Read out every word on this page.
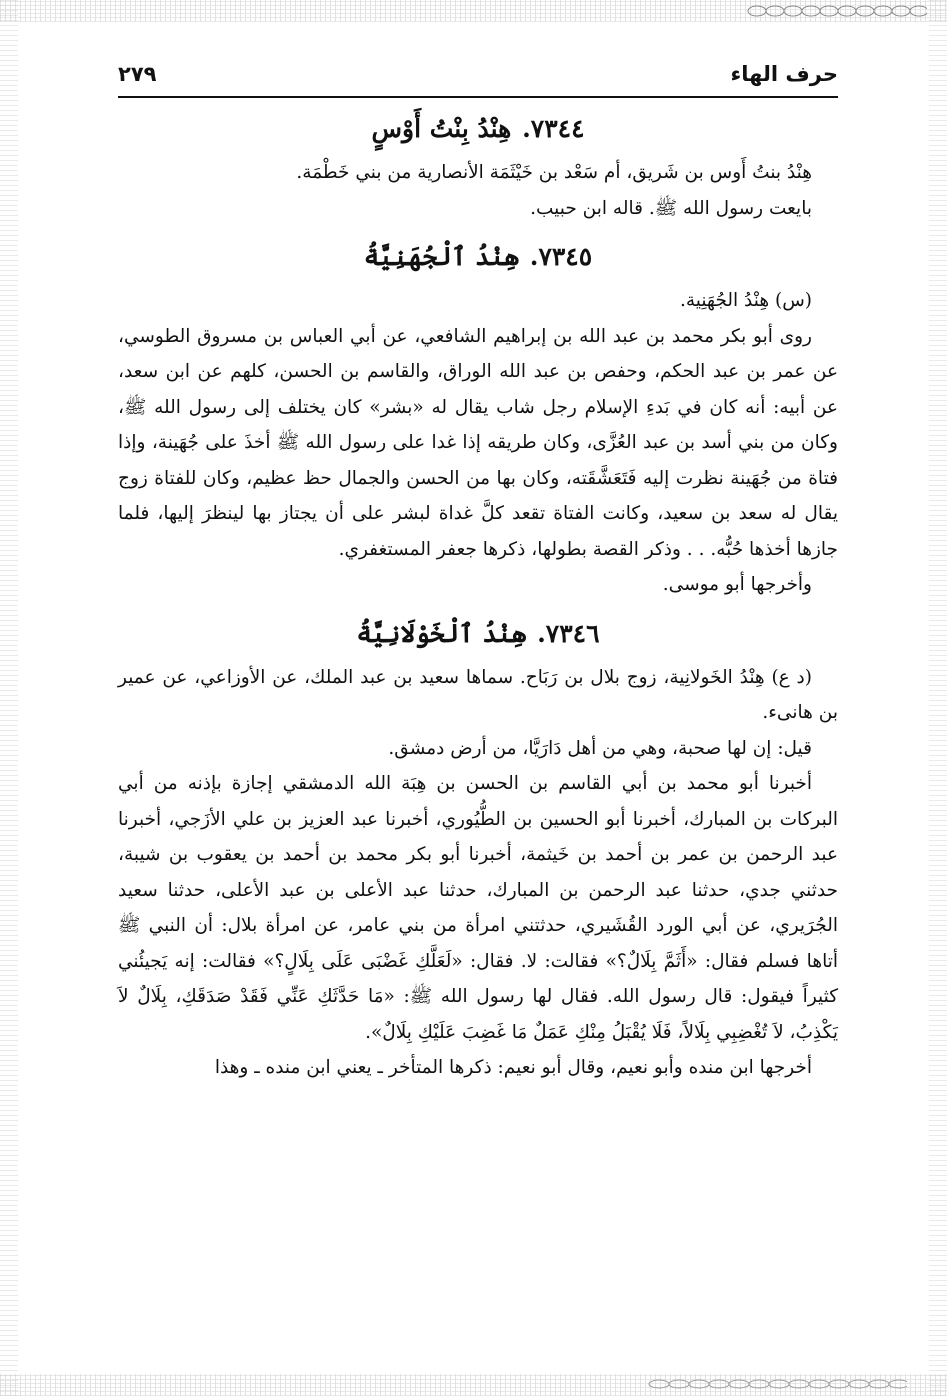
حرف الهاء
٢٧٩
٧٣٤٤. هِنْدُ بِنْتُ أَوْسٍ

هِنْدُ بنتُ أَوس بن شَريق، أم سَعْد بن خَيْثَمَة الأنصارية من بني خَطْمَة.

بايعت رسول الله ﷺ. قاله ابن حبيب.

٧٣٤٥. هِنْدُ ٱلْجُهَنِيَّةُ

(س) هِنْدُ الجُهَنِية.

روى أبو بكر محمد بن عبد الله بن إبراهيم الشافعي، عن أبي العباس بن مسروق الطوسي، عن عمر بن عبد الحكم، وحفص بن عبد الله الوراق، والقاسم بن الحسن، كلهم عن ابن سعد، عن أبيه: أنه كان في بَدءِ الإسلام رجل شاب يقال له «بشر» كان يختلف إلى رسول الله ﷺ، وكان من بني أسد بن عبد العُزَّى، وكان طريقه إذا غدا على رسول الله ﷺ أخذَ على جُهَينة، وإذا فتاة من جُهَينة نظرت إليه فَتَعَشَّقَته، وكان بها من الحسن والجمال حظ عظيم، وكان للفتاة زوج يقال له سعد بن سعيد، وكانت الفتاة تقعد كلَّ غداة لبشر على أن يجتاز بها لينظرَ إليها، فلما جازها أخذها حُبُّه. . . وذكر القصة بطولها، ذكرها جعفر المستغفري.

وأخرجها أبو موسى.

٧٣٤٦. هِنْدُ ٱلْخَوْلَانِيَّةُ

(د ع) هِنْدُ الخَولانِية، زوج بلال بن رَبَاح. سماها سعيد بن عبد الملك، عن الأوزاعي، عن عمير بن هانىء.

قيل: إن لها صحبة، وهي من أهل دَارَيَّا، من أرض دمشق.

أخبرنا أبو محمد بن أبي القاسم بن الحسن بن هِبَة الله الدمشقي إجازة بإذنه من أبي البركات بن المبارك، أخبرنا أبو الحسين بن الطُّيُوري، أخبرنا عبد العزيز بن علي الأزَجي، أخبرنا عبد الرحمن بن عمر بن أحمد بن خَيثمة، أخبرنا أبو بكر محمد بن أحمد بن يعقوب بن شيبة، حدثني جدي، حدثنا عبد الرحمن بن المبارك، حدثنا عبد الأعلى بن عبد الأعلى، حدثنا سعيد الجُرَيري، عن أبي الورد القُشَيري، حدثتني امرأة من بني عامر، عن امرأة بلال: أن النبي ﷺ أتاها فسلم فقال: «أَثَمَّ بِلَالٌ؟» فقالت: لا. فقال: «لَعَلَّكِ غَضْبَى عَلَى بِلَالٍ؟» فقالت: إنه يَجيئُني كثيراً فيقول: قال رسول الله. فقال لها رسول الله ﷺ: «مَا حَدَّثَكِ عَنِّي فَقَدْ صَدَقَكِ، بِلَالٌ لاَ يَكْذِبُ، لاَ تُغْضِبِي بِلَالاً، فَلَا يُقْبَلُ مِنْكِ عَمَلٌ مَا غَضِبَ عَلَيْكِ بِلَالٌ».

أخرجها ابن منده وأبو نعيم، وقال أبو نعيم: ذكرها المتأخر ـ يعني ابن منده ـ وهذا
